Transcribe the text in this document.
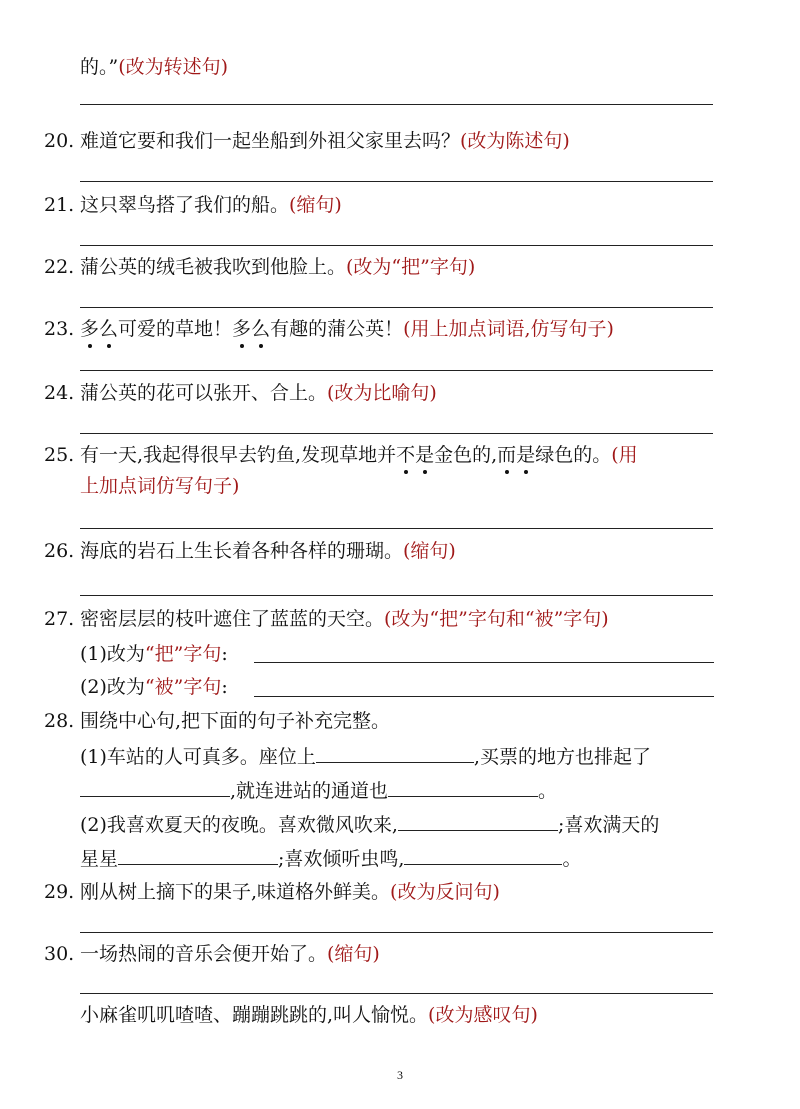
的。”(改为转述句)
20. 难道它要和我们一起坐船到外祖父家里去吗？(改为陈述句)
21. 这只翠鸟搭了我们的船。(缩句)
22. 蒲公英的绒毛被我吹到他脸上。(改为“把”字句)
23. 多么可爱的草地！多么有趣的蒲公英！(用上加点词语,仿写句子)
24. 蒲公英的花可以张开、合上。(改为比喻句)
25. 有一天,我起得很早去钓鱼,发现草地并不是金色的,而是绿色的。(用
上加点词仿写句子)
26. 海底的岩石上生长着各种各样的珊瑚。(缩句)
27. 密密层层的枝叶遮住了蓝蓝的天空。(改为“把”字句和“被”字句)
(1)改为“把”字句:
(2)改为“被”字句:
28. 围绕中心句,把下面的句子补充完整。
(1)车站的人可真多。座位上	,买票的地方也排起了
,就连进站的通道也	。
(2)我喜欢夏天的夜晚。喜欢微风吹来,	;喜欢满天的
星星	;喜欢倾听虫鸣,	。
29. 刚从树上摘下的果子,味道格外鲜美。(改为反问句)
30. 一场热闹的音乐会便开始了。(缩句)
小麻雀叽叽喳喳、蹦蹦跳跳的,叫人愉悦。(改为感叹句)
3
